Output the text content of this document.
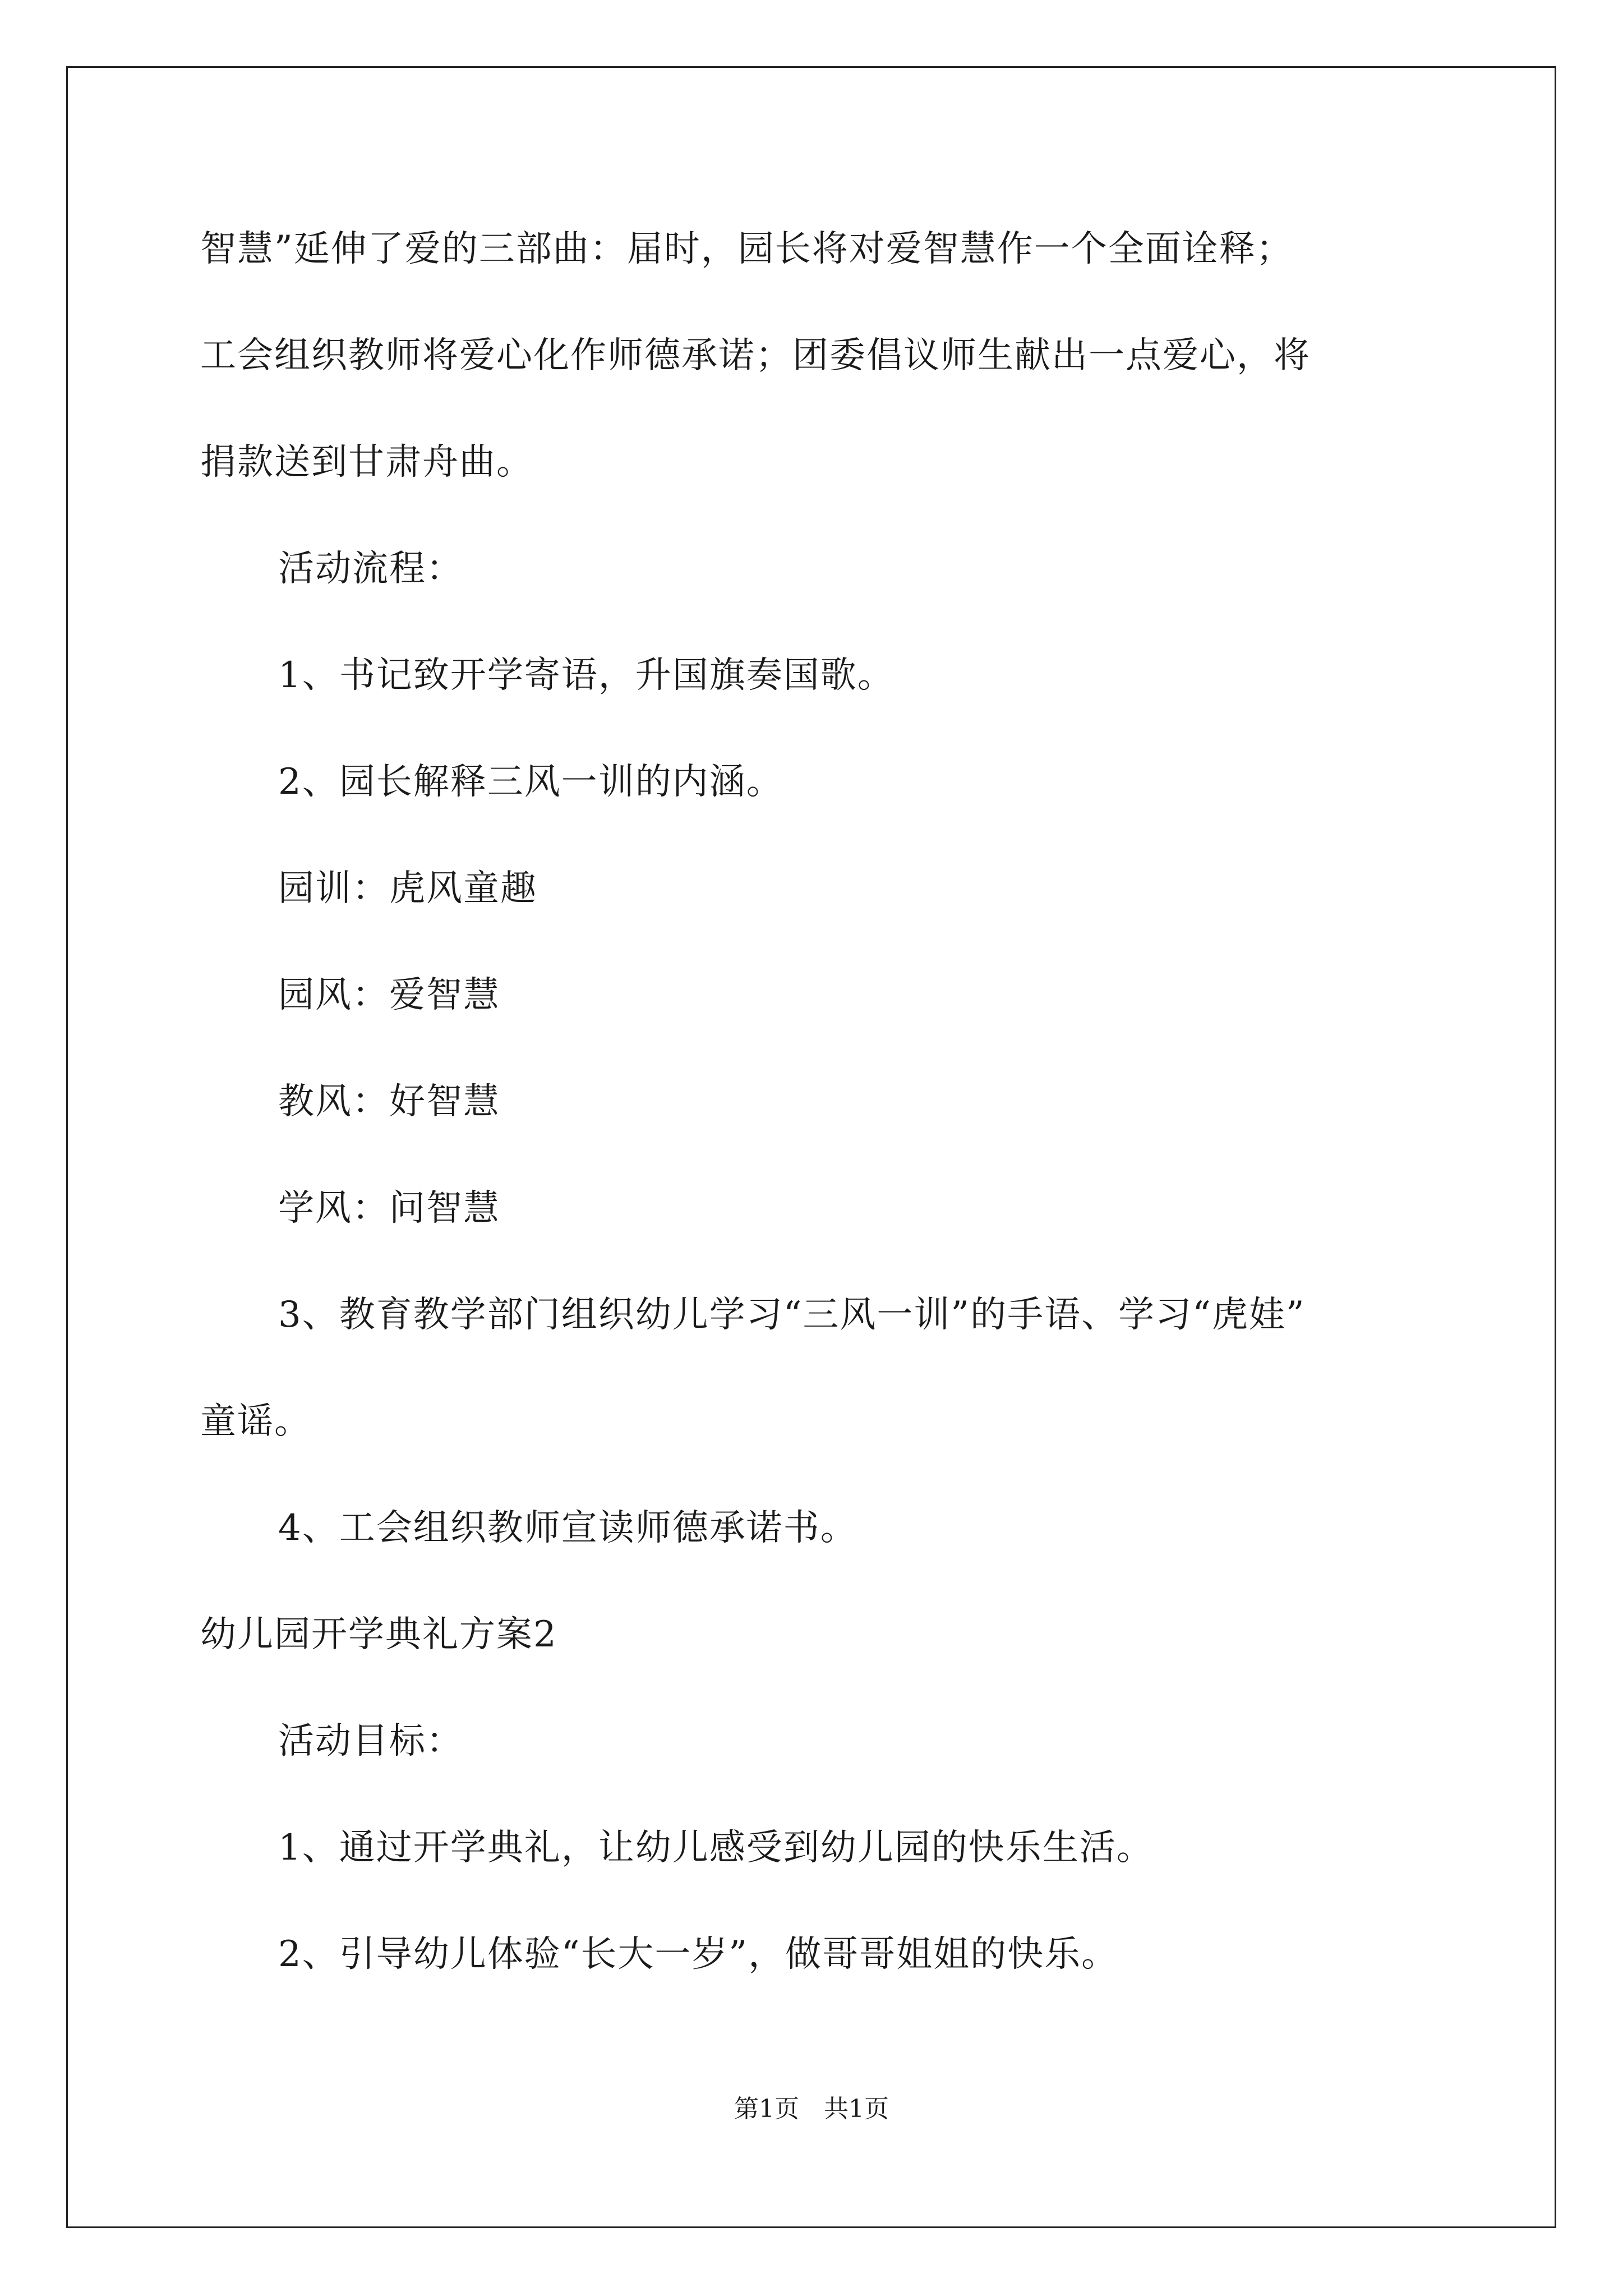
智慧”延伸了爱的三部曲：届时，园长将对爱智慧作一个全面诠释；
工会组织教师将爱心化作师德承诺；团委倡议师生献出一点爱心，将
捐款送到甘肃舟曲。
活动流程：
1、书记致开学寄语，升国旗奏国歌。
2、园长解释三风一训的内涵。
园训：虎风童趣
园风：爱智慧
教风：好智慧
学风：问智慧
3、教育教学部门组织幼儿学习“三风一训”的手语、学习“虎娃”
童谣。
4、工会组织教师宣读师德承诺书。
幼儿园开学典礼方案2
活动目标：
1、通过开学典礼，让幼儿感受到幼儿园的快乐生活。
2、引导幼儿体验“长大一岁”，做哥哥姐姐的快乐。
第1页　共1页
